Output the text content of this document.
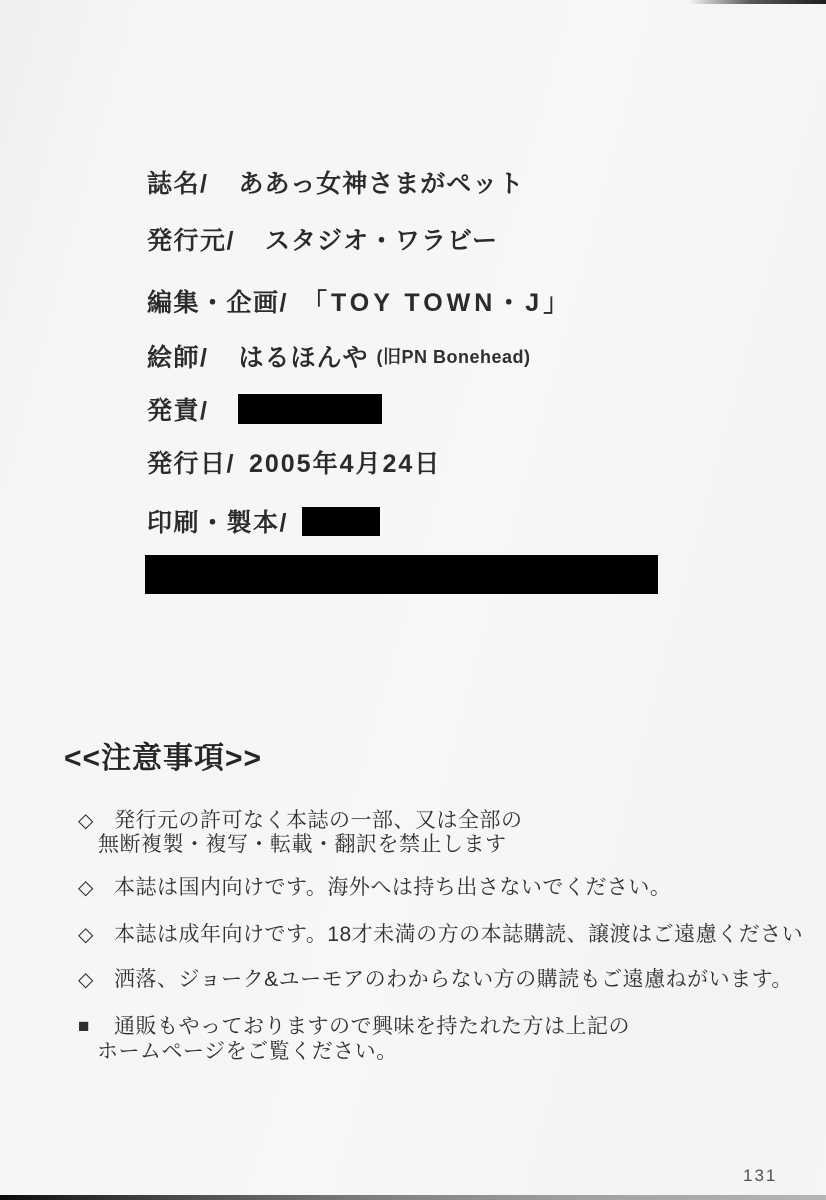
誌名/ ああっ女神さまがペット
発行元/ スタジオ・ワラビー
編集・企画/ 「TOY TOWN・J」
絵師/ はるほんや (旧PN Bonehead)
発責/
発行日/ 2005年4月24日
印刷・製本/
<<注意事項>>
◇ 発行元の許可なく本誌の一部、又は全部の
無断複製・複写・転載・翻訳を禁止します
◇ 本誌は国内向けです。海外へは持ち出さないでください。
◇ 本誌は成年向けです。18才未満の方の本誌購読、譲渡はご遠慮ください
◇ 洒落、ジョーク&ユーモアのわからない方の購読もご遠慮ねがいます。
■ 通販もやっておりますので興味を持たれた方は上記の
ホームページをご覧ください。
131
